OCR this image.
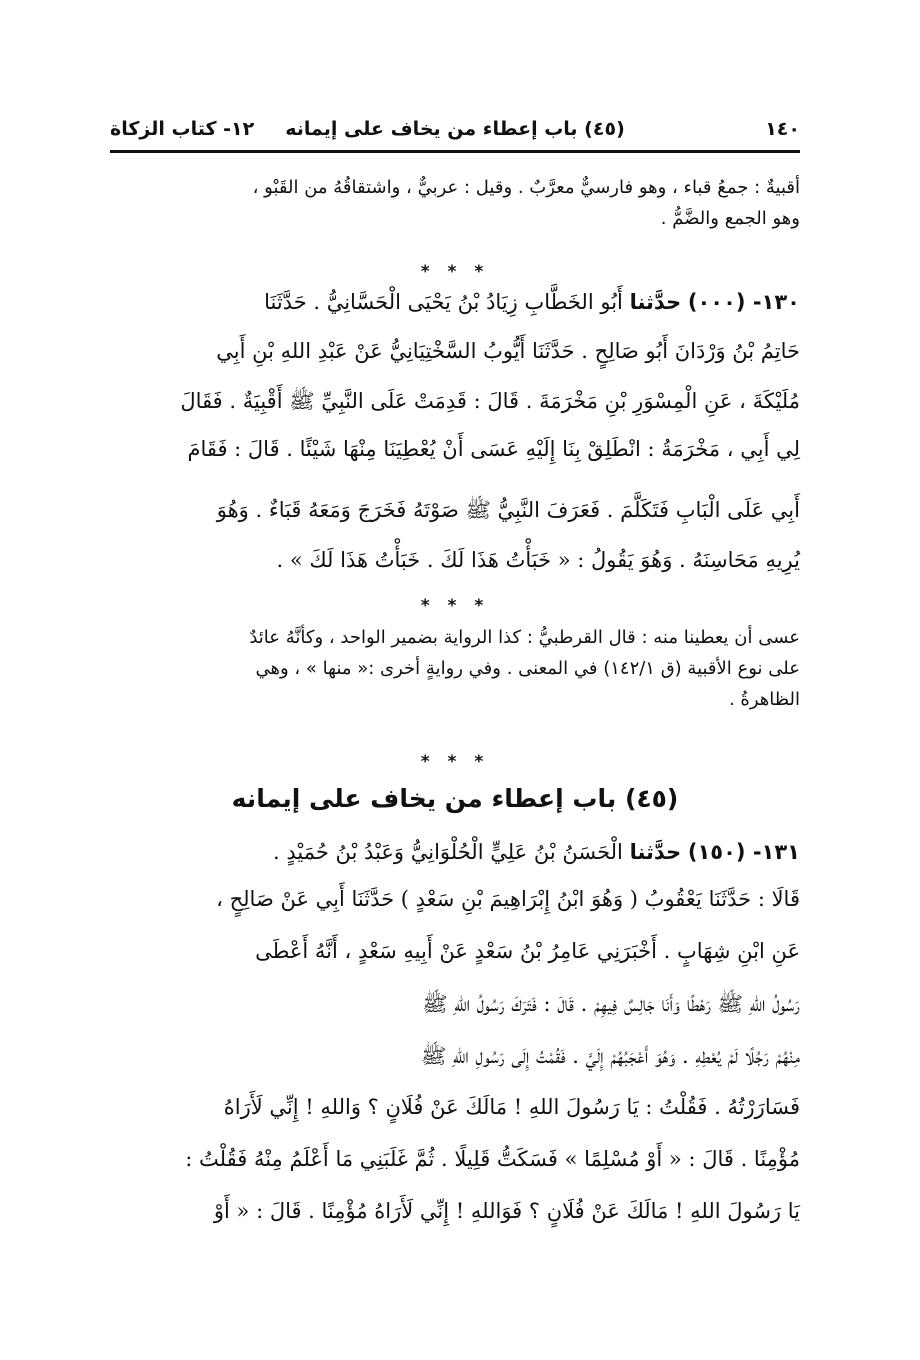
١٤٠
(٤٥) باب إعطاء من يخاف على إيمانه
١٢- كتاب الزكاة
أقبيةٌ : جمعُ قباء ، وهو فارسيٌّ معرَّبٌ . وقيل : عربيٌّ ، واشتقاقُهُ من القَبْو ،
وهو الجمع والضَّمُّ .
* * *
١٣٠- (٠٠٠) حدَّثنا أَبُو الخَطَّابِ زِيَادُ بْنُ يَحْيَى الْحَسَّانِيُّ . حَدَّثَنَا
حَاتِمُ بْنُ وَرْدَانَ أَبُو صَالِحٍ . حَدَّثَنَا أَيُّوبُ السَّخْتِيَانِيُّ عَنْ عَبْدِ اللهِ بْنِ أَبِي
مُلَيْكَةَ ، عَنِ الْمِسْوَرِ بْنِ مَخْرَمَةَ . قَالَ : قَدِمَتْ عَلَى النَّبِيِّ ﷺ أَقْبِيَةٌ . فَقَالَ
لِي أَبِي ، مَخْرَمَةُ : انْطَلِقْ بِنَا إِلَيْهِ عَسَى أَنْ يُعْطِيَنَا مِنْهَا شَيْئًا . قَالَ : فَقَامَ
أَبِي عَلَى الْبَابِ فَتَكَلَّمَ . فَعَرَفَ النَّبِيُّ ﷺ صَوْتَهُ فَخَرَجَ وَمَعَهُ قَبَاءٌ . وَهُوَ
يُرِيهِ مَحَاسِنَهُ . وَهُوَ يَقُولُ : « خَبَأْتُ هَذَا لَكَ . خَبَأْتُ هَذَا لَكَ » .
* * *
عسى أن يعطينا منه : قال القرطبيُّ : كذا الرواية بضمير الواحد ، وكأنَّهُ عائدٌ
على نوع الأقبية (ق ١٤٢/١) في المعنى . وفي روايةٍ أخرى :« منها » ، وهي
الظاهرةُ .
* * *
(٤٥) باب إعطاء من يخاف على إيمانه
١٣١- (١٥٠) حدَّثنا الْحَسَنُ بْنُ عَلِيٍّ الْحُلْوَانِيُّ وَعَبْدُ بْنُ حُمَيْدٍ .
قَالَا : حَدَّثَنَا يَعْقُوبُ ( وَهُوَ ابْنُ إِبْرَاهِيمَ بْنِ سَعْدٍ ) حَدَّثَنَا أَبِي عَنْ صَالِحٍ ،
عَنِ ابْنِ شِهَابٍ . أَخْبَرَنِي عَامِرُ بْنُ سَعْدٍ عَنْ أَبِيهِ سَعْدٍ ، أَنَّهُ أَعْطَى
رَسُولُ اللهِ ﷺ رَهْطًا وَأَنَا جَالِسٌ فِيهِمْ . قَالَ : فَتَرَكَ رَسُولُ اللهِ ﷺ
مِنْهُمْ رَجُلًا لَمْ يُعْطِهِ . وَهُوَ أَعْجَبُهُمْ إِلَيَّ . فَقُمْتُ إِلَى رَسُولِ اللهِ ﷺ
فَسَارَرْتُهُ . فَقُلْتُ : يَا رَسُولَ اللهِ ! مَالَكَ عَنْ فُلَانٍ ؟ وَاللهِ ! إِنِّي لَأَرَاهُ
مُؤْمِنًا . قَالَ : « أَوْ مُسْلِمًا » فَسَكَتُّ قَلِيلًا . ثُمَّ غَلَبَنِي مَا أَعْلَمُ مِنْهُ فَقُلْتُ :
يَا رَسُولَ اللهِ ! مَالَكَ عَنْ فُلَانٍ ؟ فَوَاللهِ ! إِنِّي لَأَرَاهُ مُؤْمِنًا . قَالَ : « أَوْ
